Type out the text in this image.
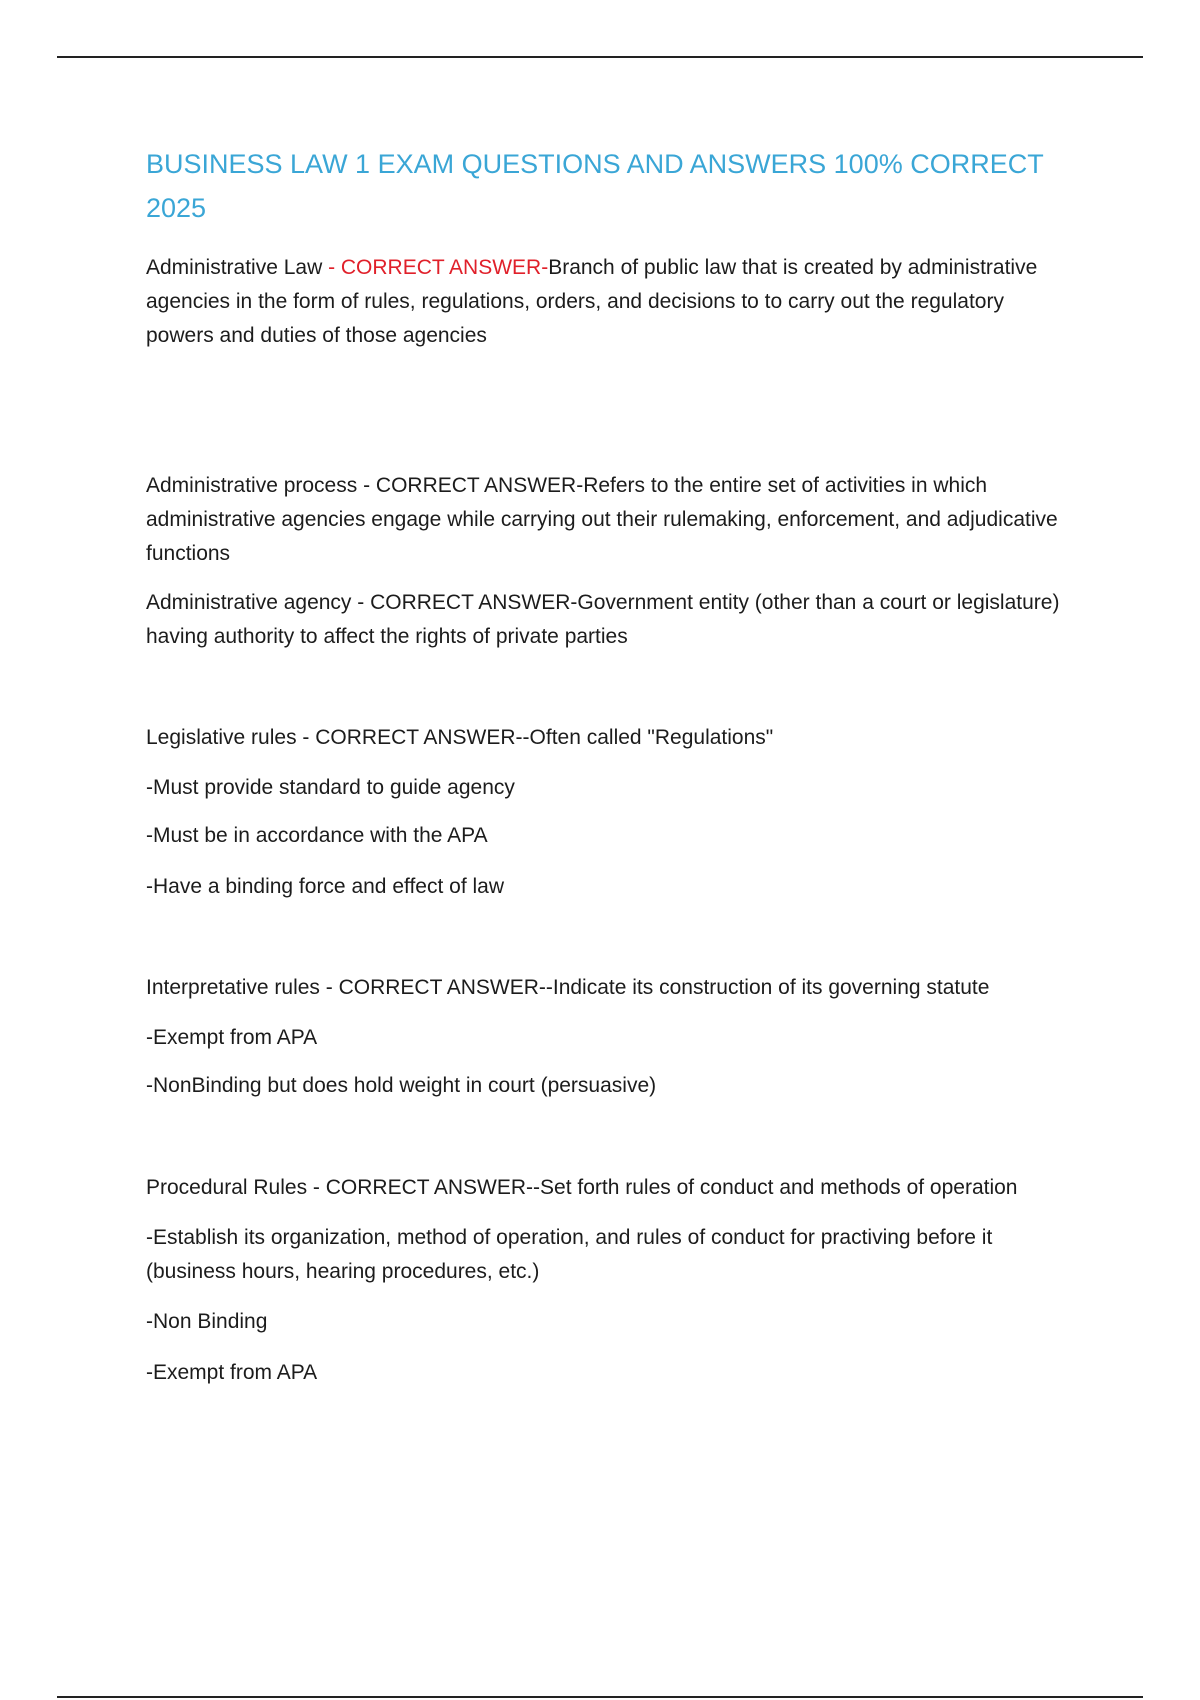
BUSINESS LAW 1 EXAM QUESTIONS AND ANSWERS 100% CORRECT 2025

Administrative Law - CORRECT ANSWER-Branch of public law that is created by administrative agencies in the form of rules, regulations, orders, and decisions to to carry out the regulatory powers and duties of those agencies

Administrative process - CORRECT ANSWER-Refers to the entire set of activities in which administrative agencies engage while carrying out their rulemaking, enforcement, and adjudicative functions

Administrative agency - CORRECT ANSWER-Government entity (other than a court or legislature) having authority to affect the rights of private parties

Legislative rules - CORRECT ANSWER--Often called "Regulations"

-Must provide standard to guide agency

-Must be in accordance with the APA

-Have a binding force and effect of law

Interpretative rules - CORRECT ANSWER--Indicate its construction of its governing statute

-Exempt from APA

-NonBinding but does hold weight in court (persuasive)

Procedural Rules - CORRECT ANSWER--Set forth rules of conduct and methods of operation

-Establish its organization, method of operation, and rules of conduct for practiving before it (business hours, hearing procedures, etc.)

-Non Binding

-Exempt from APA
